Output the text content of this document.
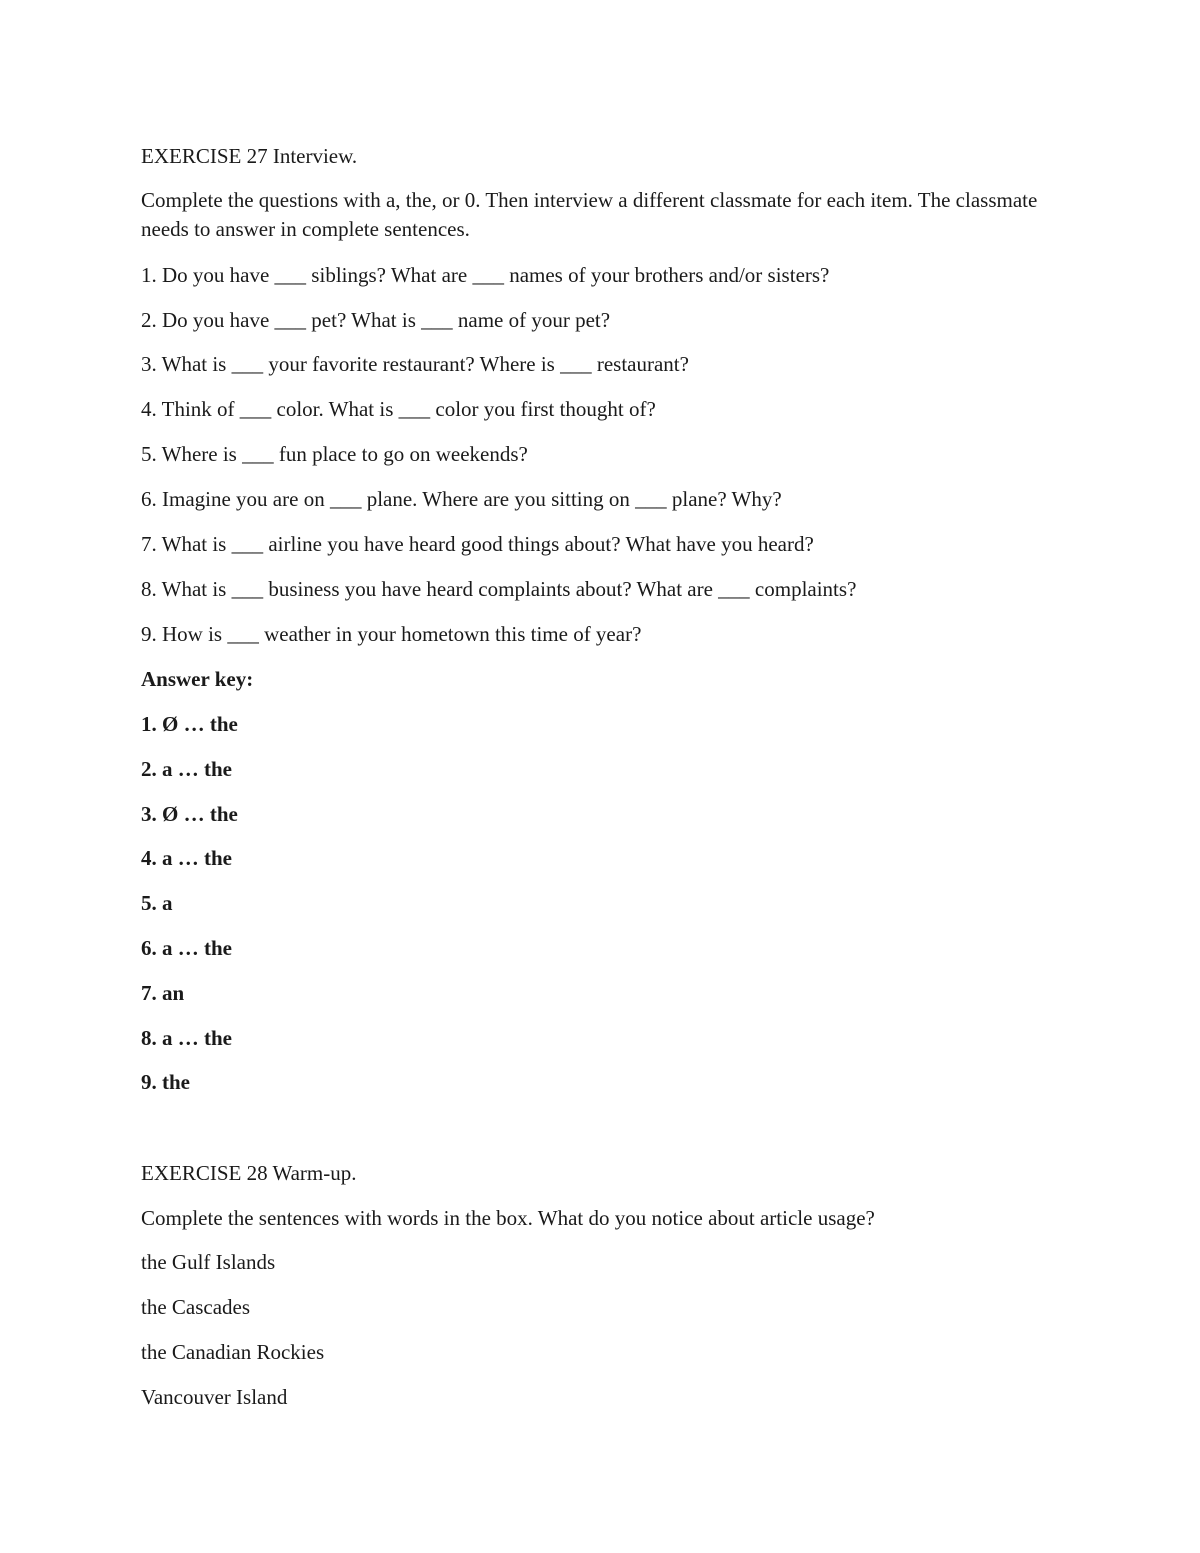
EXERCISE 27 Interview.
Complete the questions with a, the, or 0. Then interview a different classmate for each item. The classmate needs to answer in complete sentences.
1. Do you have ___ siblings? What are ___ names of your brothers and/or sisters?
2. Do you have ___ pet? What is ___ name of your pet?
3. What is ___ your favorite restaurant? Where is ___ restaurant?
4. Think of ___ color. What is ___ color you first thought of?
5. Where is ___ fun place to go on weekends?
6. Imagine you are on ___ plane. Where are you sitting on ___ plane? Why?
7. What is ___ airline you have heard good things about? What have you heard?
8. What is ___ business you have heard complaints about? What are ___ complaints?
9. How is ___ weather in your hometown this time of year?
Answer key:
1. Ø … the
2. a … the
3. Ø … the
4. a … the
5. a
6. a … the
7. an
8. a … the
9. the
EXERCISE 28 Warm-up.
Complete the sentences with words in the box. What do you notice about article usage?
the Gulf Islands
the Cascades
the Canadian Rockies
Vancouver Island
